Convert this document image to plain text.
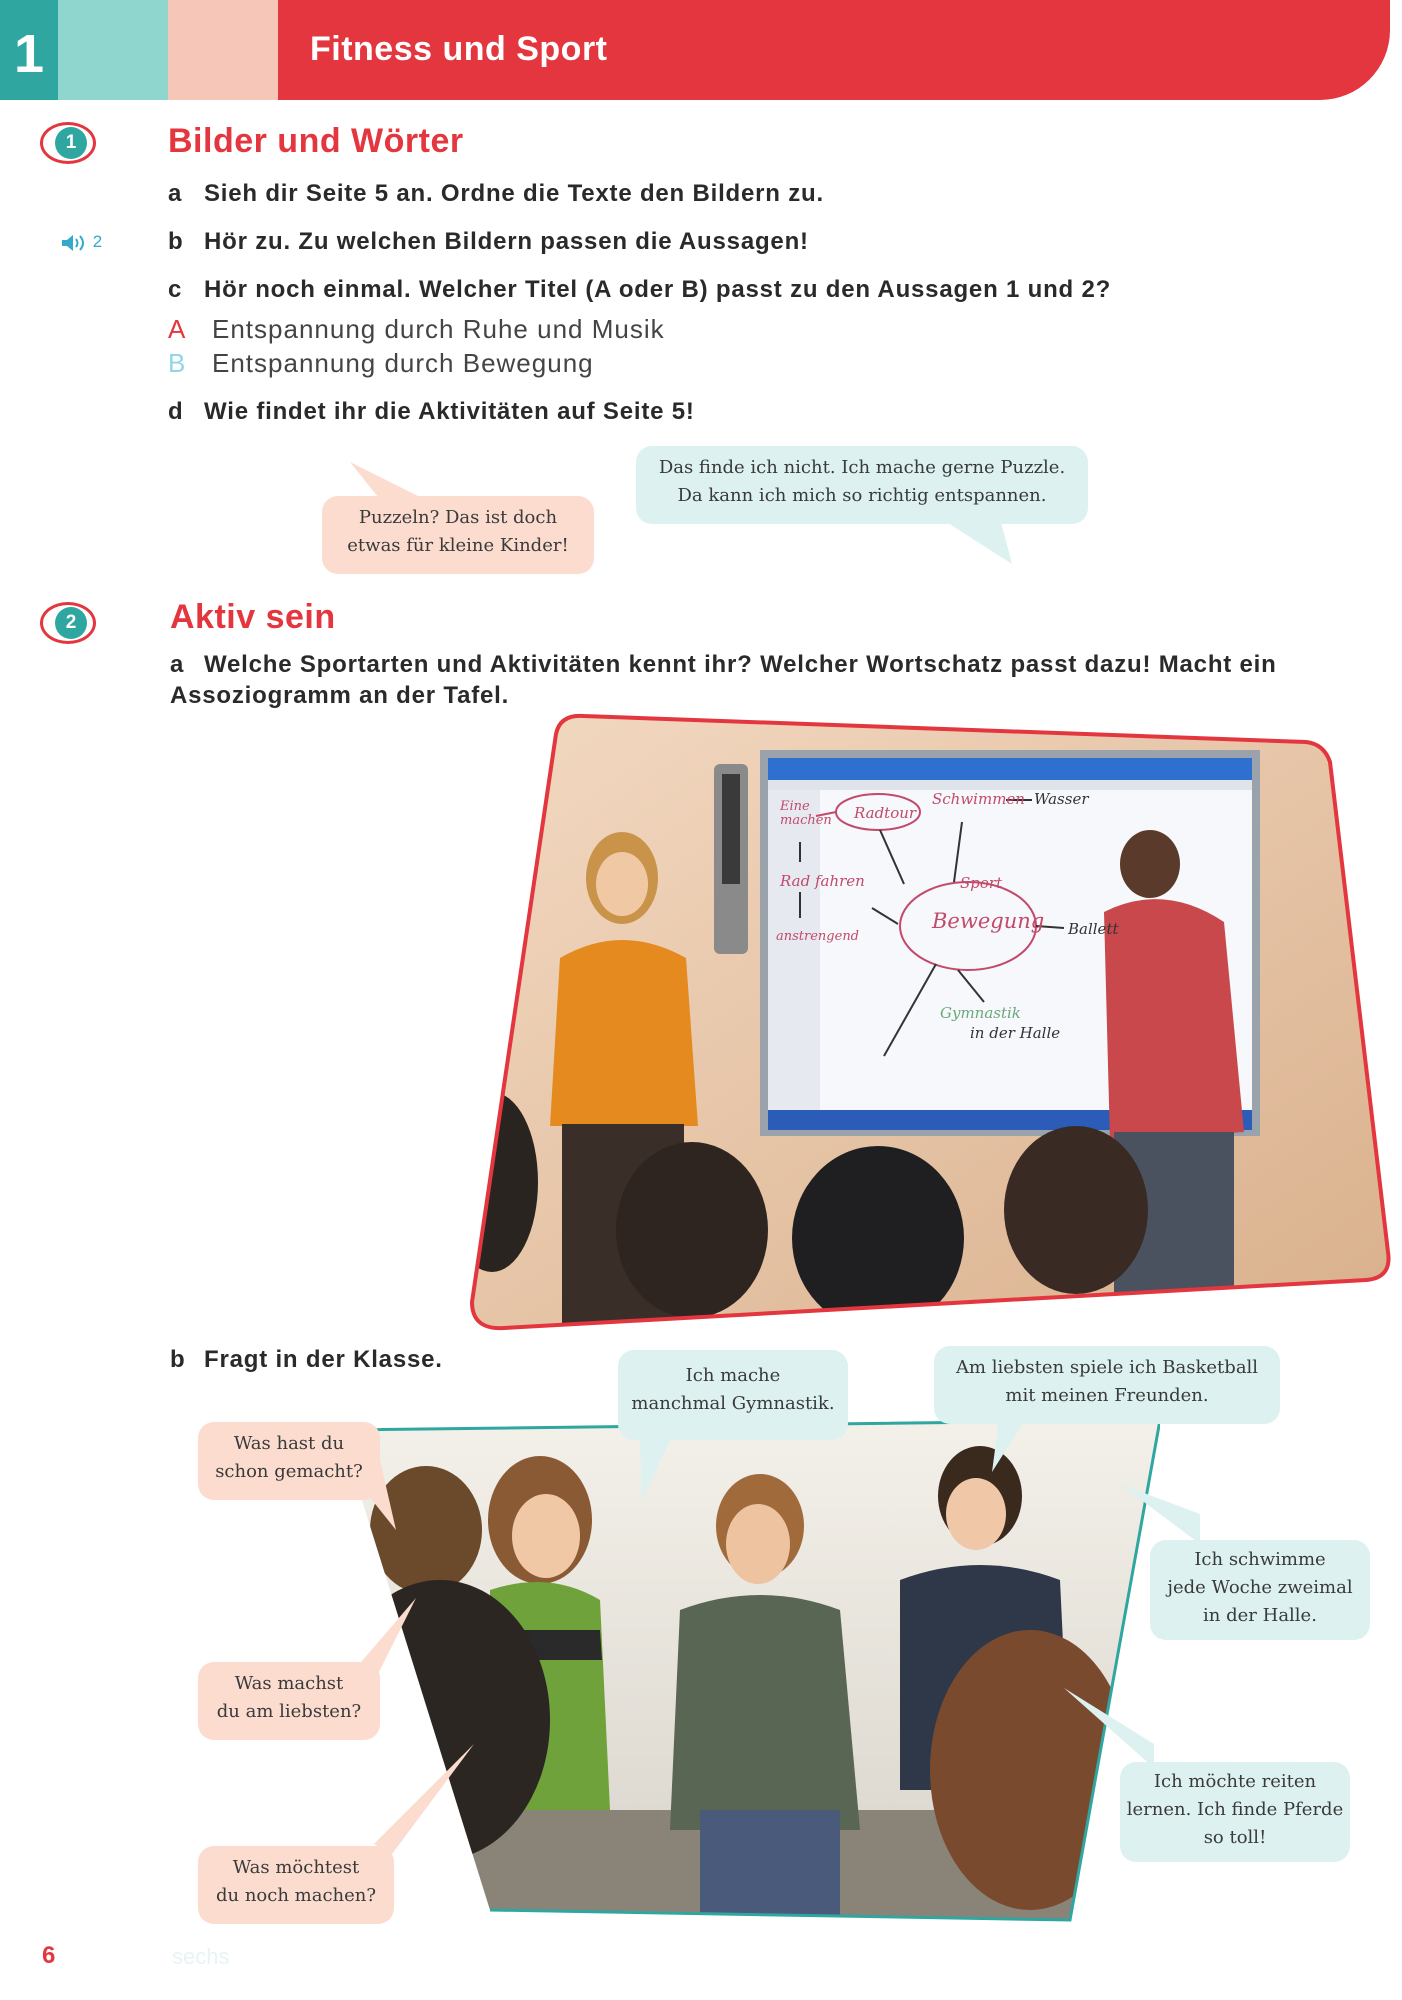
1	Fitness und Sport
1	Bilder und Wörter
a Sieh dir Seite 5 an. Ordne die Texte den Bildern zu.
2	b Hör zu. Zu welchen Bildern passen die Aussagen!
c Hör noch einmal. Welcher Titel (A oder B) passt zu den Aussagen 1 und 2?
A Entspannung durch Ruhe und Musik
B Entspannung durch Bewegung
d Wie findet ihr die Aktivitäten auf Seite 5!
Puzzeln? Das ist doch
etwas für kleine Kinder!
Das finde ich nicht. Ich mache gerne Puzzle.
Da kann ich mich so richtig entspannen.
2	Aktiv sein
a Welche Sportarten und Aktivitäten kennt ihr? Welcher Wortschatz passt dazu! Macht ein
Assoziogramm an der Tafel.
Bewegung
Sport
Eine
machen Radtour
Schwimmen Wasser
Rad fahren
anstrengend	Ballett
Gymnastik
in der Halle
b Fragt in der Klasse.
Was hast du
schon gemacht?
Was machst
du am liebsten?
Was möchtest
du noch machen?
Ich mache
manchmal Gymnastik.
Am liebsten spiele ich Basketball
mit meinen Freunden.
Ich schwimme
jede Woche zweimal
in der Halle.
Ich möchte reiten
lernen. Ich finde Pferde
so toll!
6	sechs
